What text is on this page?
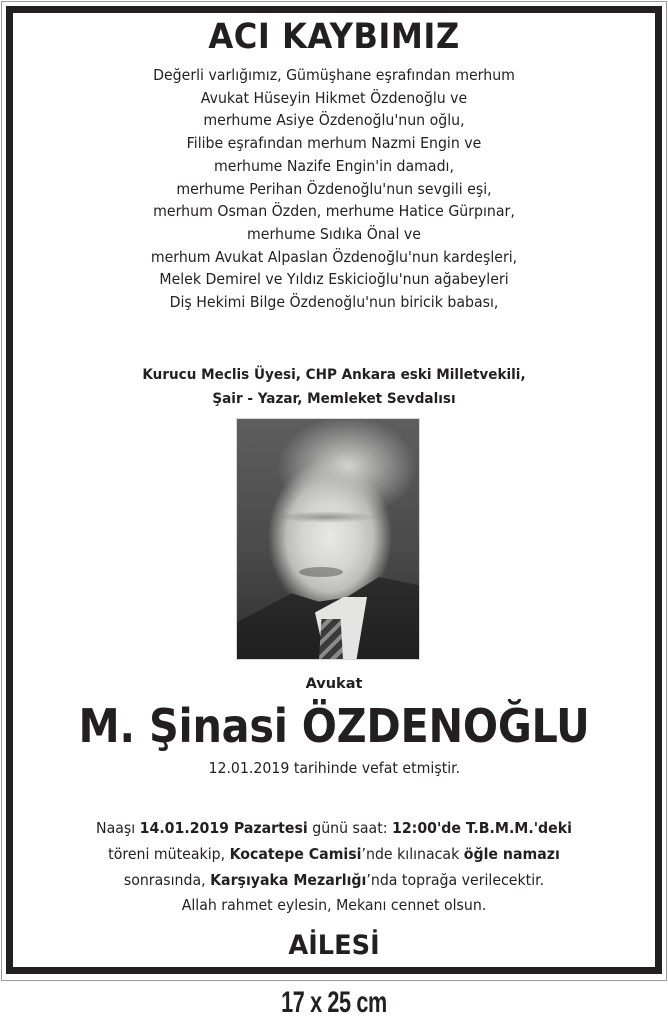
ACI KAYBIMIZ
Değerli varlığımız, Gümüşhane eşrafından merhum
Avukat Hüseyin Hikmet Özdenoğlu ve
merhume Asiye Özdenoğlu'nun oğlu,
Filibe eşrafından merhum Nazmi Engin ve
merhume Nazife Engin'in damadı,
merhume Perihan Özdenoğlu'nun sevgili eşi,
merhum Osman Özden, merhume Hatice Gürpınar,
merhume Sıdıka Önal ve
merhum Avukat Alpaslan Özdenoğlu'nun kardeşleri,
Melek Demirel ve Yıldız Eskicioğlu'nun ağabeyleri
Diş Hekimi Bilge Özdenoğlu'nun biricik babası,
Kurucu Meclis Üyesi, CHP Ankara eski Milletvekili,
Şair - Yazar, Memleket Sevdalısı
Avukat
M. Şinasi ÖZDENOĞLU
12.01.2019 tarihinde vefat etmiştir.
Naaşı 14.01.2019 Pazartesi günü saat: 12:00'de T.B.M.M.'deki
töreni müteakip, Kocatepe Camisi’nde kılınacak öğle namazı
sonrasında, Karşıyaka Mezarlığı’nda toprağa verilecektir.
Allah rahmet eylesin, Mekanı cennet olsun.
AİLESİ
17 x 25 cm
